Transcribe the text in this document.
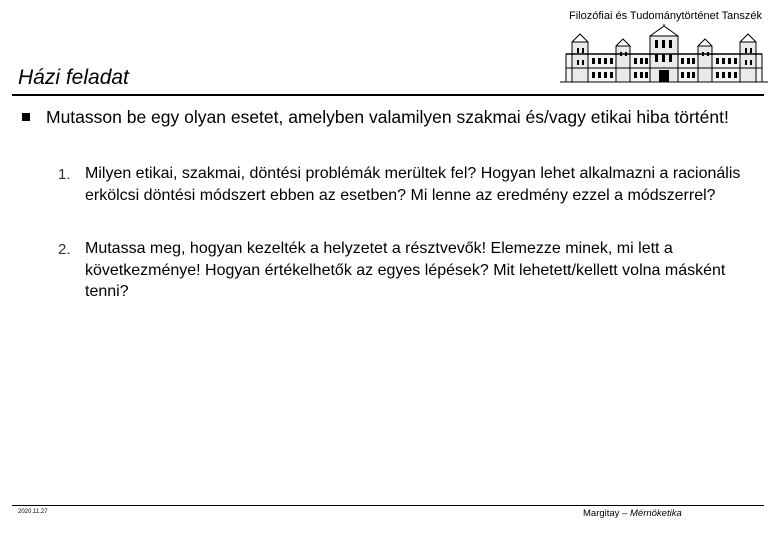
Filozófiai és Tudománytörténet Tanszék
Házi feladat

Mutasson be egy olyan esetet, amelyben valamilyen szakmai és/vagy etikai hiba történt!

1. Milyen etikai, szakmai, döntési problémák merültek fel? Hogyan lehet alkalmazni a racionális erkölcsi döntési módszert ebben az esetben? Mi lenne az eredmény ezzel a módszerrel?

2. Mutassa meg, hogyan kezelték a helyzetet a résztvevők! Elemezze minek, mi lett a következménye! Hogyan értékelhetők az egyes lépések? Mit lehetett/kellett volna másként tenni?

2020.11.27	Margitay – Mérnöketika
